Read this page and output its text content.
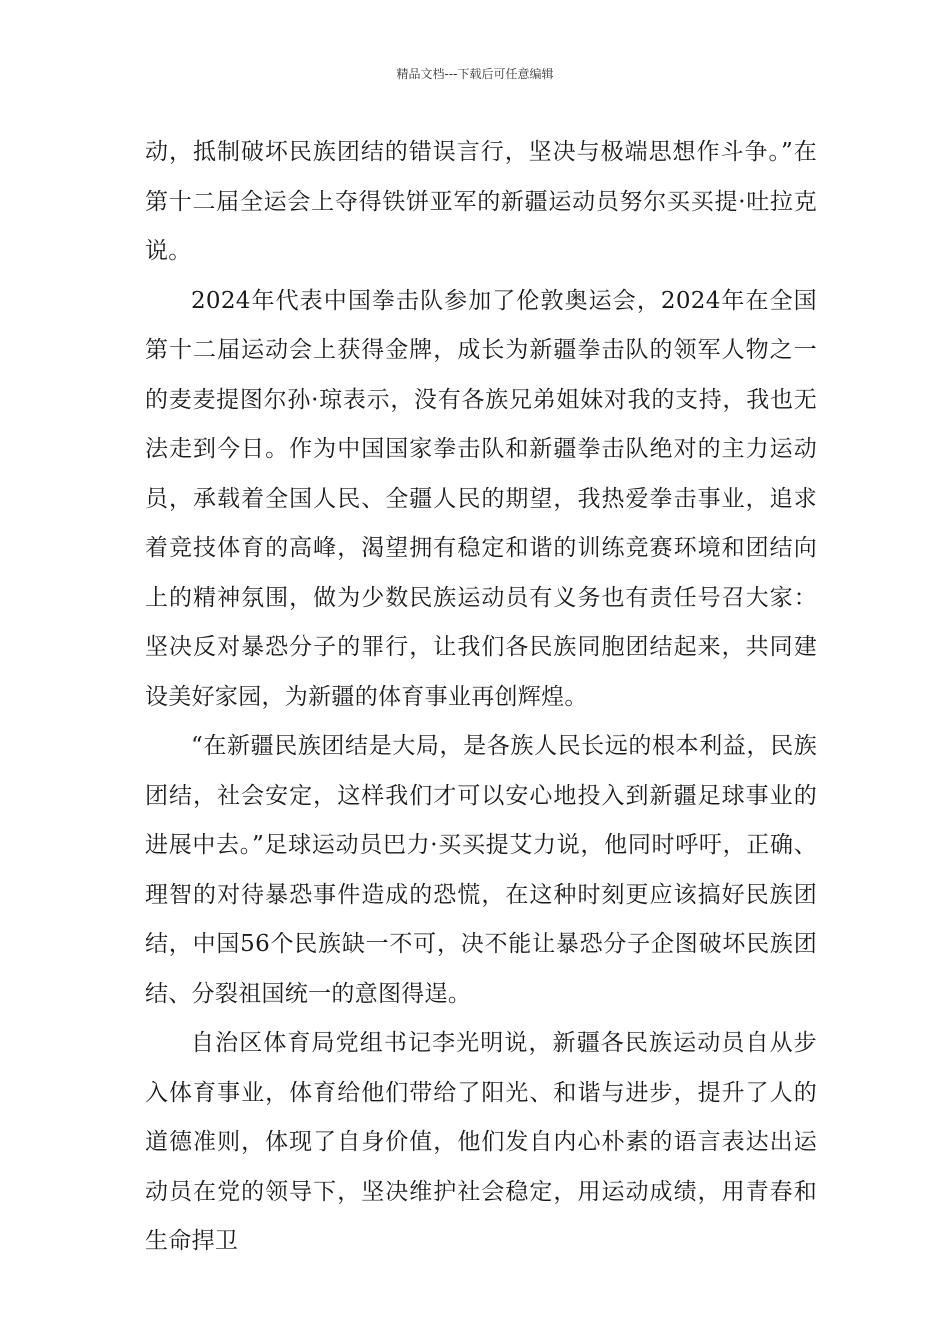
精品文档---下载后可任意编辑

动，抵制破坏民族团结的错误言行，坚决与极端思想作斗争。”在第十二届全运会上夺得铁饼亚军的新疆运动员努尔买买提·吐拉克说。

2024年代表中国拳击队参加了伦敦奥运会，2024年在全国第十二届运动会上获得金牌，成长为新疆拳击队的领军人物之一的麦麦提图尔孙·琼表示，没有各族兄弟姐妹对我的支持，我也无法走到今日。作为中国国家拳击队和新疆拳击队绝对的主力运动员，承载着全国人民、全疆人民的期望，我热爱拳击事业，追求着竞技体育的高峰，渴望拥有稳定和谐的训练竞赛环境和团结向上的精神氛围，做为少数民族运动员有义务也有责任号召大家：坚决反对暴恐分子的罪行，让我们各民族同胞团结起来，共同建设美好家园，为新疆的体育事业再创辉煌。

“在新疆民族团结是大局，是各族人民长远的根本利益，民族团结，社会安定，这样我们才可以安心地投入到新疆足球事业的进展中去。”足球运动员巴力·买买提艾力说，他同时呼吁，正确、理智的对待暴恐事件造成的恐慌，在这种时刻更应该搞好民族团结，中国56个民族缺一不可，决不能让暴恐分子企图破坏民族团结、分裂祖国统一的意图得逞。

自治区体育局党组书记李光明说，新疆各民族运动员自从步入体育事业，体育给他们带给了阳光、和谐与进步，提升了人的道德准则，体现了自身价值，他们发自内心朴素的语言表达出运动员在党的领导下，坚决维护社会稳定，用运动成绩，用青春和生命捍卫
